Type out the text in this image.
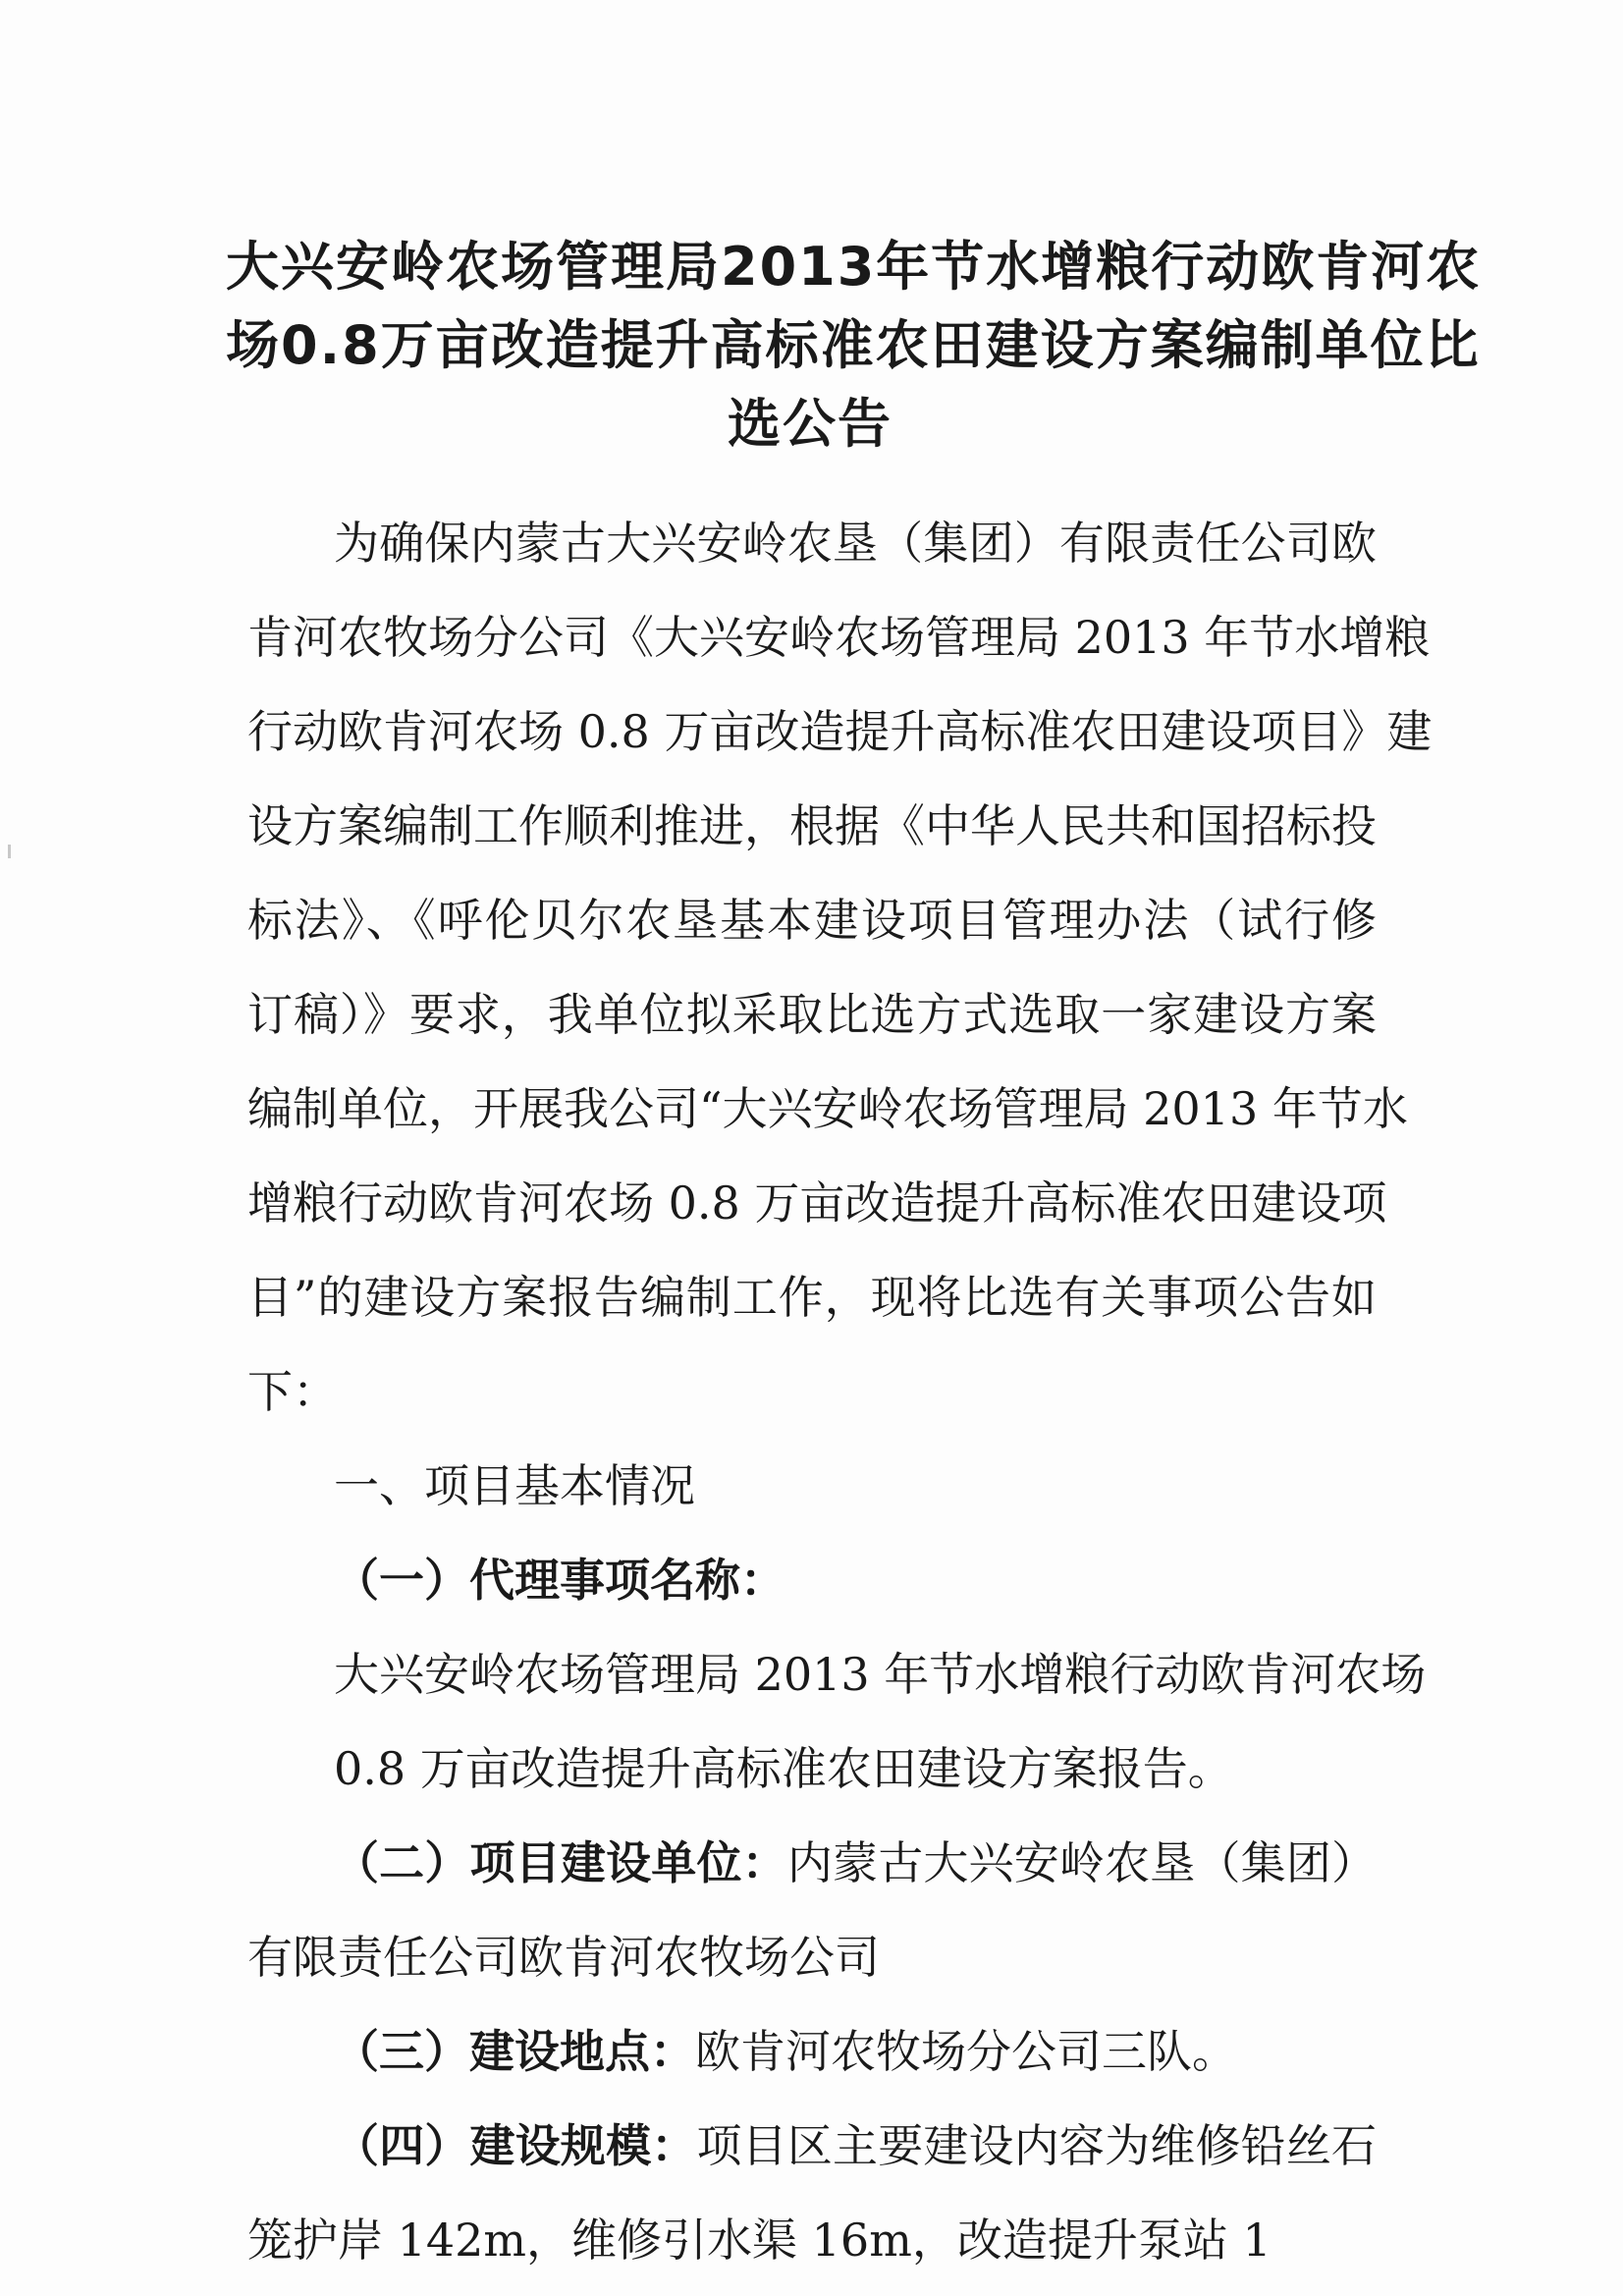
大兴安岭农场管理局2013年节水增粮行动欧肯河农
场0.8万亩改造提升高标准农田建设方案编制单位比
选公告
为确保内蒙古大兴安岭农垦（集团）有限责任公司欧
肯河农牧场分公司《大兴安岭农场管理局 2013 年节水增粮
行动欧肯河农场 0.8 万亩改造提升高标准农田建设项目》建
设方案编制工作顺利推进，根据《中华人民共和国招标投
标法》、《呼伦贝尔农垦基本建设项目管理办法（试行修
订稿）》要求，我单位拟采取比选方式选取一家建设方案
编制单位，开展我公司“大兴安岭农场管理局 2013 年节水
增粮行动欧肯河农场 0.8 万亩改造提升高标准农田建设项
目”的建设方案报告编制工作，现将比选有关事项公告如
下：
一、项目基本情况
（一）代理事项名称：
大兴安岭农场管理局 2013 年节水增粮行动欧肯河农场
0.8 万亩改造提升高标准农田建设方案报告。
（二）项目建设单位：内蒙古大兴安岭农垦（集团）
有限责任公司欧肯河农牧场公司
（三）建设地点：欧肯河农牧场分公司三队。
（四）建设规模：项目区主要建设内容为维修铅丝石
笼护岸 142m，维修引水渠 16m，改造提升泵站 1
